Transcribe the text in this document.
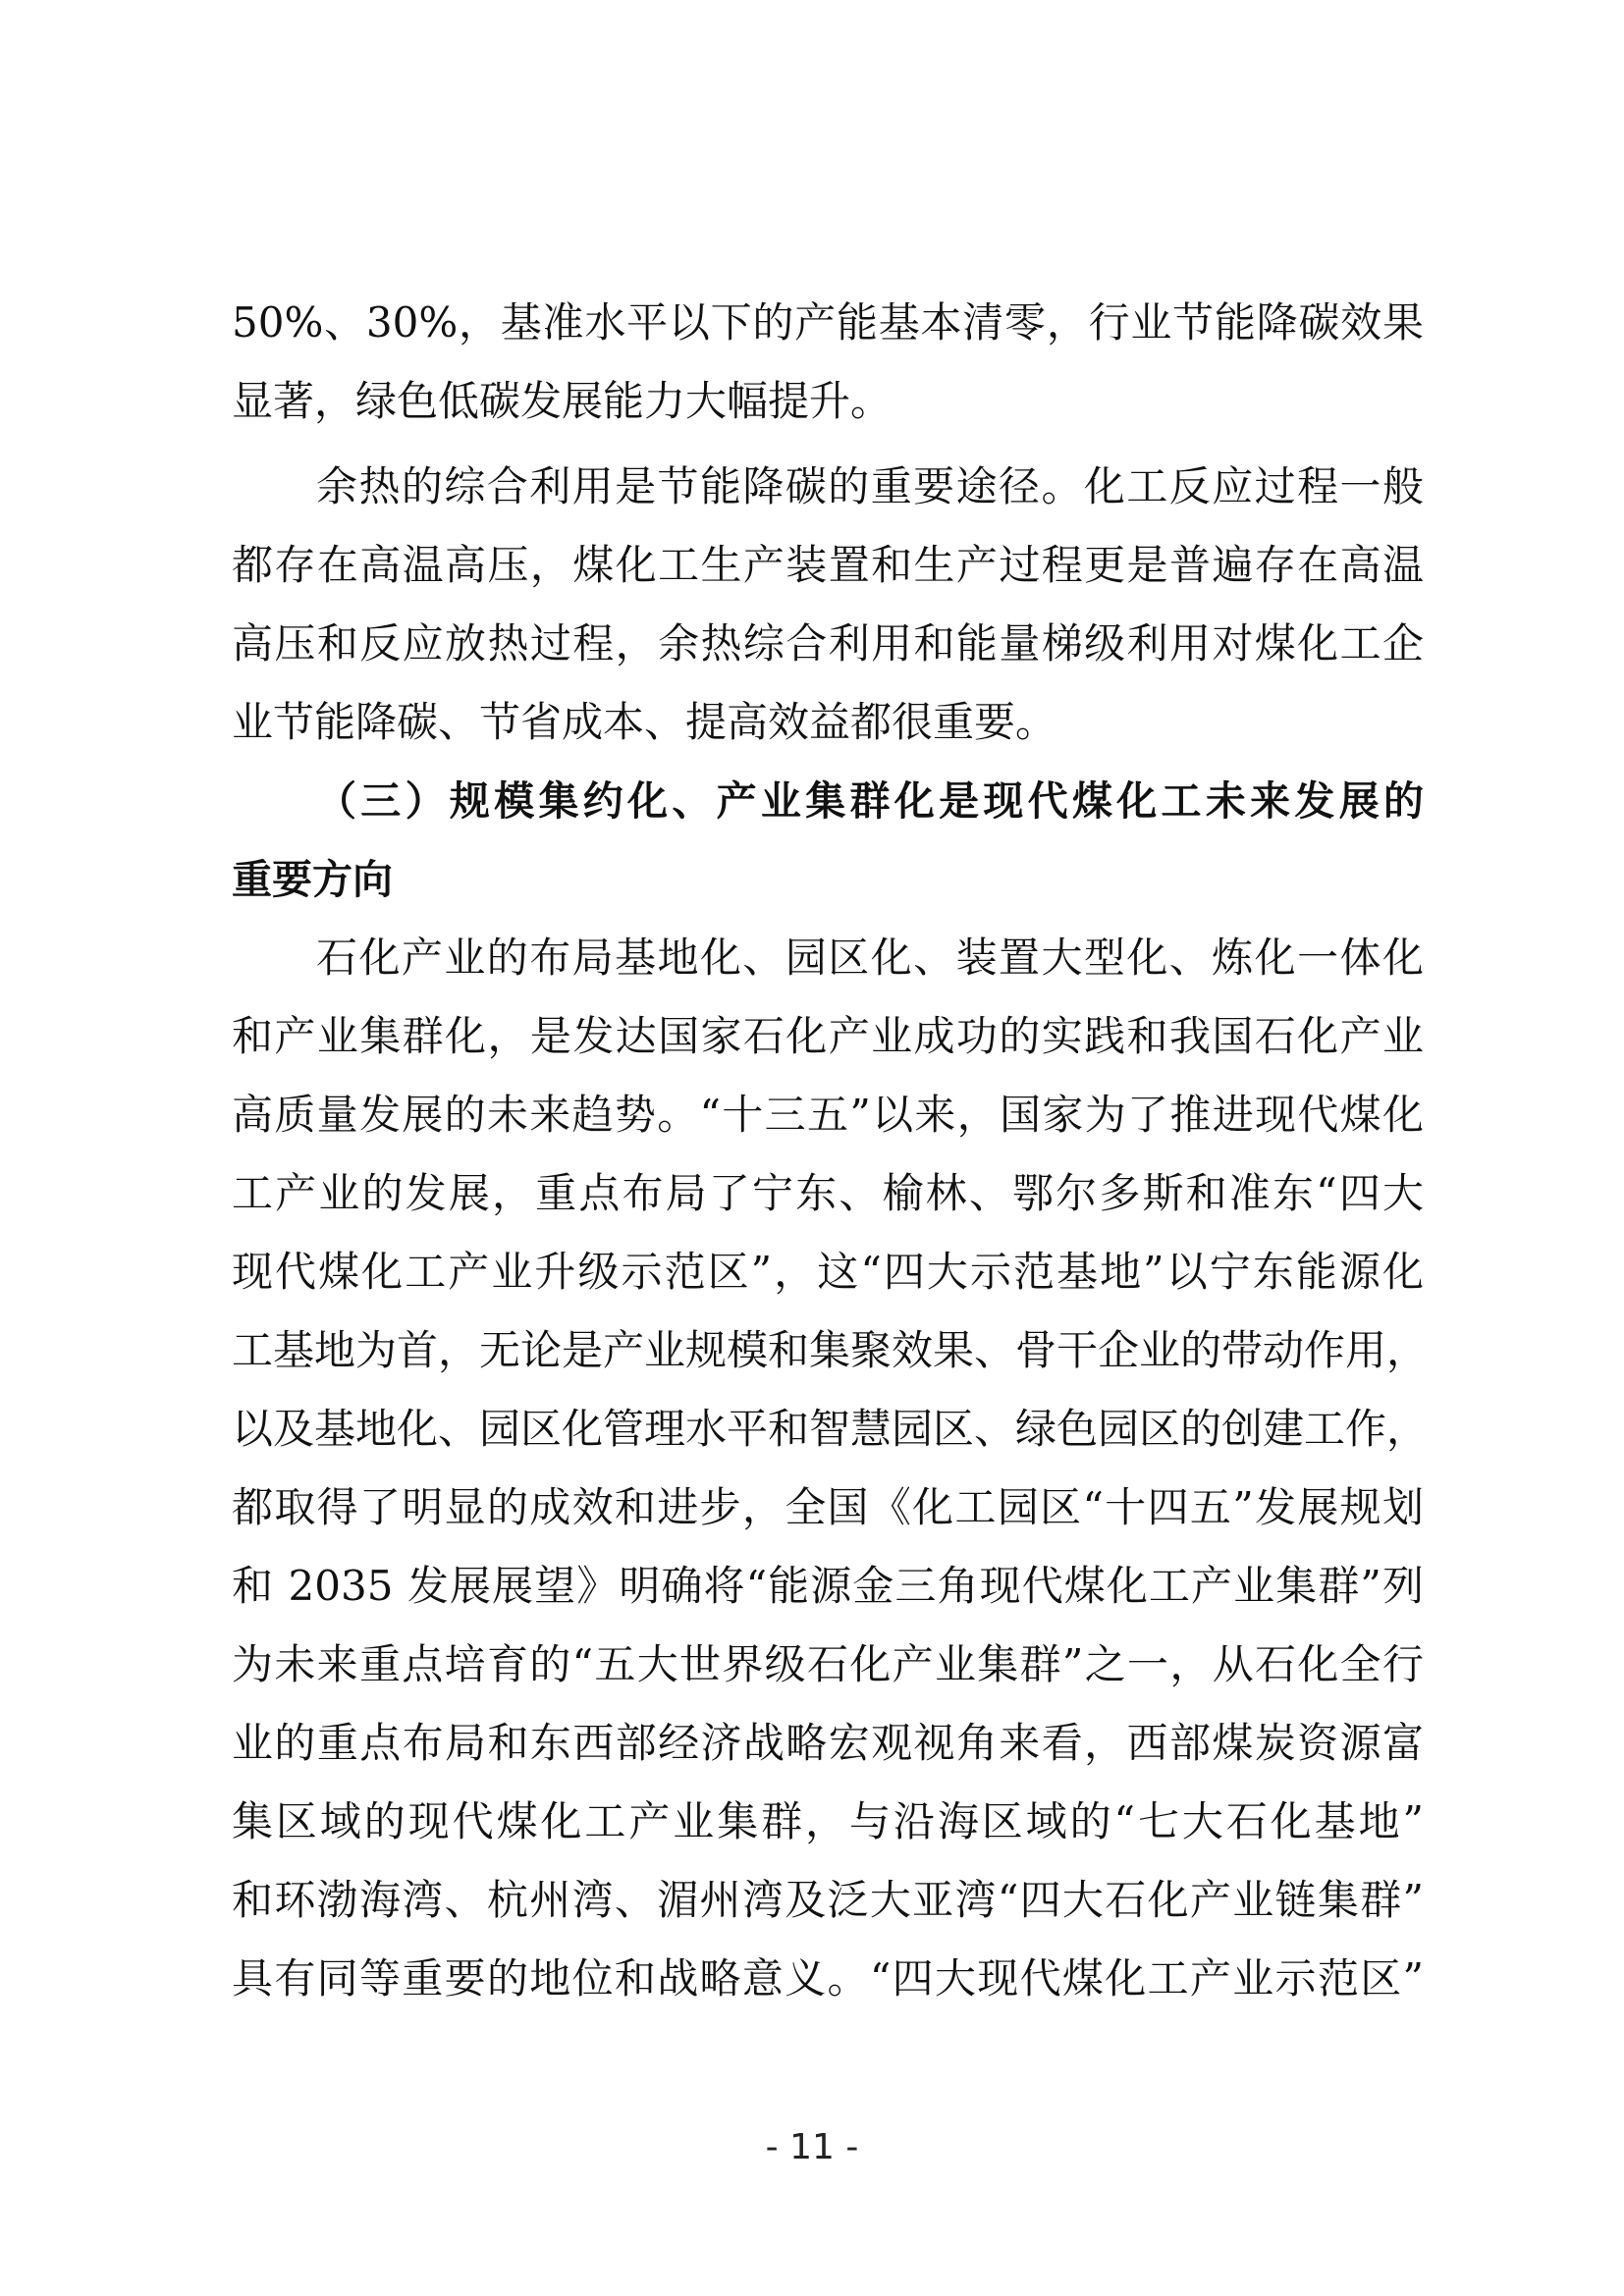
50%、30%，基准水平以下的产能基本清零，行业节能降碳效果
显著，绿色低碳发展能力大幅提升。
余热的综合利用是节能降碳的重要途径。化工反应过程一般
都存在高温高压，煤化工生产装置和生产过程更是普遍存在高温
高压和反应放热过程，余热综合利用和能量梯级利用对煤化工企
业节能降碳、节省成本、提高效益都很重要。
（三）规模集约化、产业集群化是现代煤化工未来发展的
重要方向
石化产业的布局基地化、园区化、装置大型化、炼化一体化
和产业集群化，是发达国家石化产业成功的实践和我国石化产业
高质量发展的未来趋势。“十三五”以来，国家为了推进现代煤化
工产业的发展，重点布局了宁东、榆林、鄂尔多斯和准东“四大
现代煤化工产业升级示范区”，这“四大示范基地”以宁东能源化
工基地为首，无论是产业规模和集聚效果、骨干企业的带动作用，
以及基地化、园区化管理水平和智慧园区、绿色园区的创建工作，
都取得了明显的成效和进步，全国《化工园区“十四五”发展规划
和 2035 发展展望》明确将“能源金三角现代煤化工产业集群”列
为未来重点培育的“五大世界级石化产业集群”之一，从石化全行
业的重点布局和东西部经济战略宏观视角来看，西部煤炭资源富
集区域的现代煤化工产业集群，与沿海区域的“七大石化基地”
和环渤海湾、杭州湾、湄州湾及泛大亚湾“四大石化产业链集群”
具有同等重要的地位和战略意义。“四大现代煤化工产业示范区”
- 11 -
